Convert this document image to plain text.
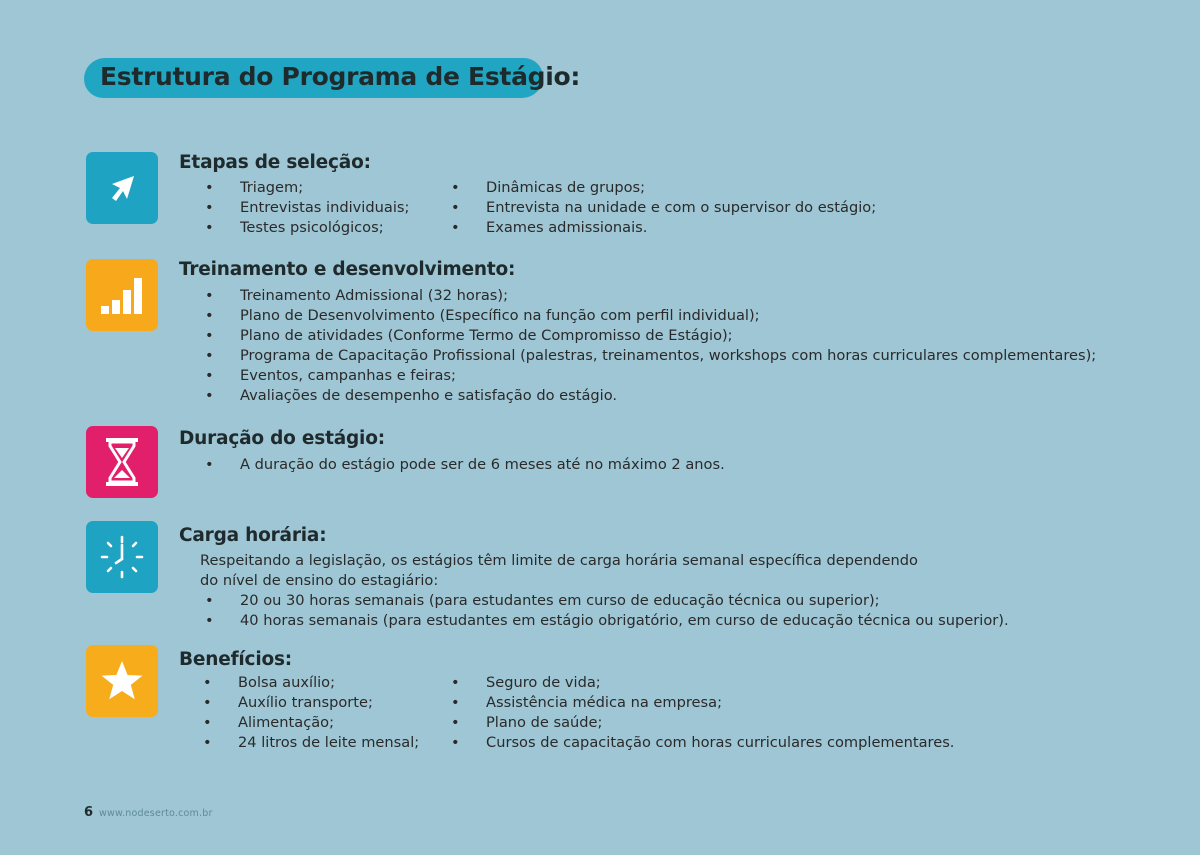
Estrutura do Programa de Estágio:
Etapas de seleção:
• Triagem;
• Entrevistas individuais;
• Testes psicológicos;
• Dinâmicas de grupos;
• Entrevista na unidade e com o supervisor do estágio;
• Exames admissionais.
Treinamento e desenvolvimento:
• Treinamento Admissional (32 horas);
• Plano de Desenvolvimento (Específico na função com perfil individual);
• Plano de atividades (Conforme Termo de Compromisso de Estágio);
• Programa de Capacitação Profissional (palestras, treinamentos, workshops com horas curriculares complementares);
• Eventos, campanhas e feiras;
• Avaliações de desempenho e satisfação do estágio.
Duração do estágio:
• A duração do estágio pode ser de 6 meses até no máximo 2 anos.
Carga horária:
Respeitando a legislação, os estágios têm limite de carga horária semanal específica dependendo
do nível de ensino do estagiário:
• 20 ou 30 horas semanais (para estudantes em curso de educação técnica ou superior);
• 40 horas semanais (para estudantes em estágio obrigatório, em curso de educação técnica ou superior).
Benefícios:
• Bolsa auxílio;
• Auxílio transporte;
• Alimentação;
• 24 litros de leite mensal;
• Seguro de vida;
• Assistência médica na empresa;
• Plano de saúde;
• Cursos de capacitação com horas curriculares complementares.
6 www.nodeserto.com.br
